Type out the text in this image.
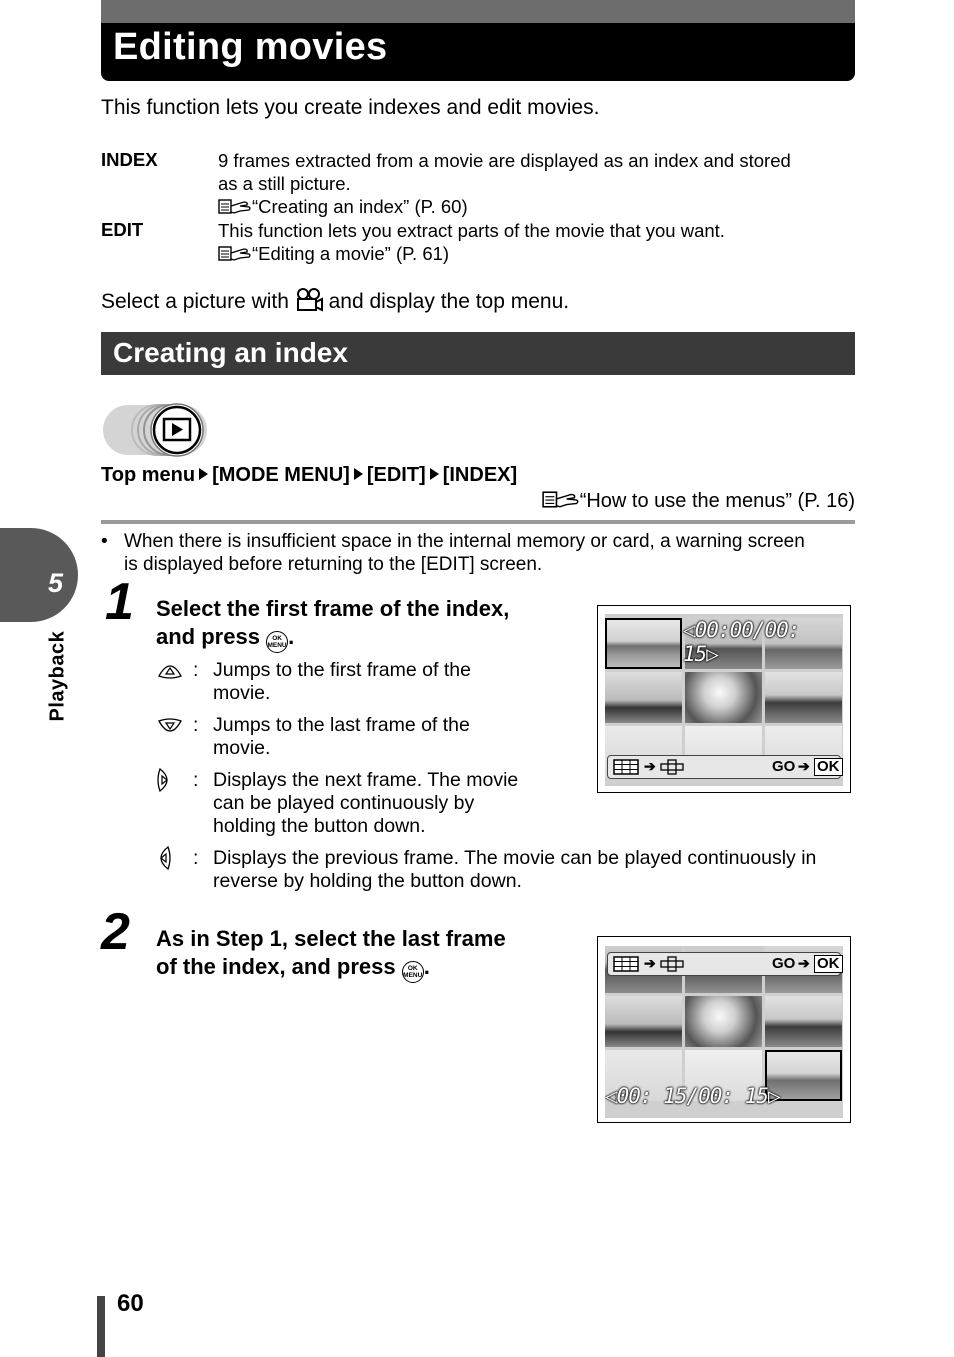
Editing movies
This function lets you create indexes and edit movies.
INDEX	9 frames extracted from a movie are displayed as an index and stored
as a still picture.
“Creating an index” (P. 60)
EDIT	This function lets you extract parts of the movie that you want.
“Editing a movie” (P. 61)
Select a picture with and display the top menu.
Creating an index
Top menu [MODE MENU] [EDIT] [INDEX]
“How to use the menus” (P. 16)
• When there is insufficient space in the internal memory or card, a warning screen
is displayed before returning to the [EDIT] screen.
5
Playback
1 Select the first frame of the index,
and press OK
MENU.
: Jumps to the first frame of the
movie.
: Jumps to the last frame of the
movie.
: Displays the next frame. The movie
can be played continuously by
holding the button down.
: Displays the previous frame. The movie can be played continuously in
reverse by holding the button down.
◁00:00/00: 15▷
➔	GO ➔ OK
2 As in Step 1, select the last frame
of the index, and press OK
MENU.	➔	GO ➔ OK
◁00: 15/00: 15▷
60
